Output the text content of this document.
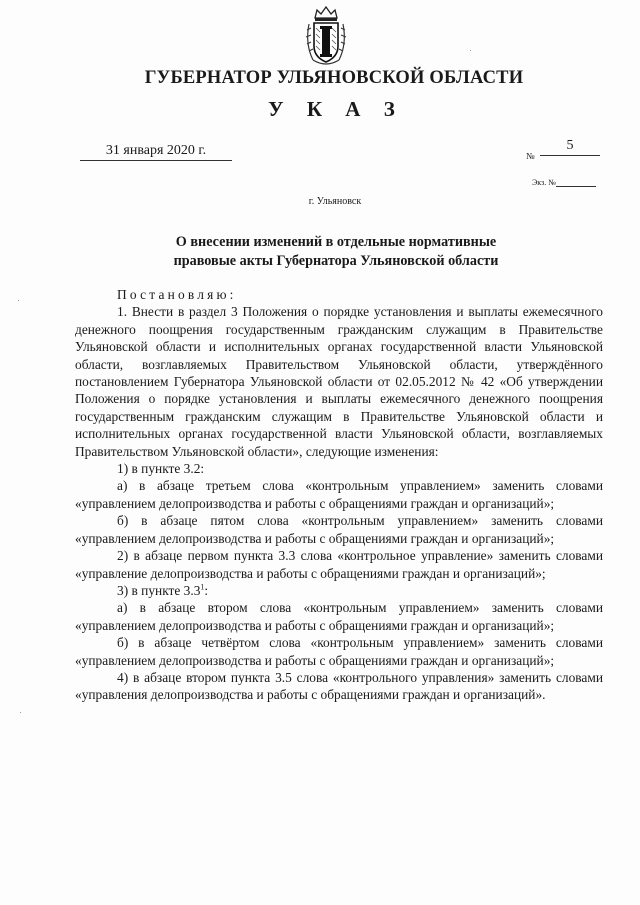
ГУБЕРНАТОР УЛЬЯНОВСКОЙ ОБЛАСТИ
У К А З
31 января 2020 г.	№
5
Экз. №
г. Ульяновск
О внесении изменений в отдельные нормативные
правовые акты Губернатора Ульяновской области

Постановляю:

1. Внести в раздел 3 Положения о порядке установления и выплаты ежемесячного денежного поощрения государственным гражданским служащим в Правительстве Ульяновской области и исполнительных органах государственной власти Ульяновской области, возглавляемых Правительством Ульяновской области, утверждённого постановлением Губернатора Ульяновской области от 02.05.2012 № 42 «Об утверждении Положения о порядке установления и выплаты ежемесячного денежного поощрения государственным гражданским служащим в Правительстве Ульяновской области и исполнительных органах государственной власти Ульяновской области, возглавляемых Правительством Ульяновской области», следующие изменения:

1) в пункте 3.2:

а) в абзаце третьем слова «контрольным управлением» заменить словами «управлением делопроизводства и работы с обращениями граждан и организаций»;

б) в абзаце пятом слова «контрольным управлением» заменить словами «управлением делопроизводства и работы с обращениями граждан и организаций»;

2) в абзаце первом пункта 3.3 слова «контрольное управление» заменить словами «управление делопроизводства и работы с обращениями граждан и организаций»;

3) в пункте $3.3^1$:

а) в абзаце втором слова «контрольным управлением» заменить словами «управлением делопроизводства и работы с обращениями граждан и организаций»;

б) в абзаце четвёртом слова «контрольным управлением» заменить словами «управлением делопроизводства и работы с обращениями граждан и организаций»;

4) в абзаце втором пункта 3.5 слова «контрольного управления» заменить словами «управления делопроизводства и работы с обращениями граждан и организаций».
